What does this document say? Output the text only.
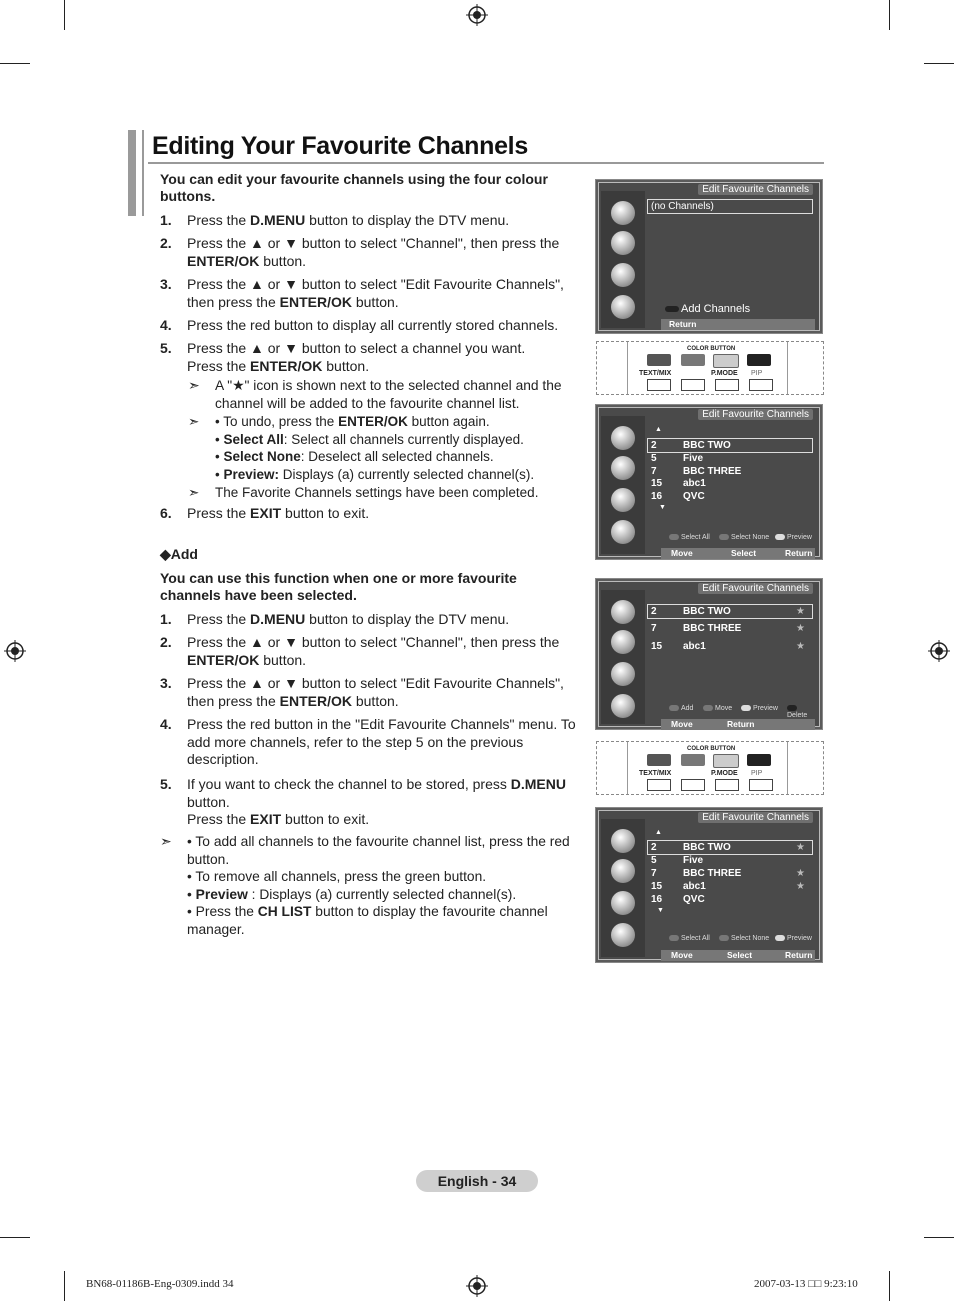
Editing Your Favourite Channels
You can edit your favourite channels using the four colour buttons.
1. Press the D.MENU button to display the DTV menu.
2. Press the ▲ or ▼ button to select "Channel", then press the ENTER/OK button.
3. Press the ▲ or ▼ button to select "Edit Favourite Channels", then press the ENTER/OK button.
4. Press the red button to display all currently stored channels.
5. Press the ▲ or ▼ button to select a channel you want.
Press the ENTER/OK button.
➣ A "★" icon is shown next to the selected channel and the channel will be added to the favourite channel list.
➣ • To undo, press the ENTER/OK button again.
• Select All: Select all channels currently displayed.
• Select None: Deselect all selected channels.
• Preview: Displays (a) currently selected channel(s).
➣ The Favorite Channels settings have been completed.
6. Press the EXIT button to exit.
◆Add
You can use this function when one or more favourite channels have been selected.
1. Press the D.MENU button to display the DTV menu.
2. Press the ▲ or ▼ button to select "Channel", then press the ENTER/OK button.
3. Press the ▲ or ▼ button to select "Edit Favourite Channels", then press the ENTER/OK button.
4. Press the red button in the "Edit Favourite Channels" menu. To add more channels, refer to the step 5 on the previous description.
5. If you want to check the channel to be stored, press D.MENU button.
Press the EXIT button to exit.
➣ • To add all channels to the favourite channel list, press the red button.
• To remove all channels, press the green button.
• Preview : Displays (a) currently selected channel(s).
• Press the CH LIST button to display the favourite channel manager.
Edit Favourite Channels
(no Channels)
Add Channels
Return
COLOR BUTTON
TEXT/MIX	P.MODE PIP
Edit Favourite Channels
▲
2	BBC TWO
5	Five
7	BBC THREE
15 abc1
16 QVC
▼
Select All	Select None	Preview
Move	Select	Return
Edit Favourite Channels
2	BBC TWO	★
7	BBC THREE	★
15 abc1	★
Add	Move	Preview
Delete
Move	Return
COLOR BUTTON
TEXT/MIX	P.MODE PIP
Edit Favourite Channels
▲
2	BBC TWO	★
5	Five
7	BBC THREE	★
15 abc1	★
16 QVC
▼
Select All	Select None	Preview
Move	Select	Return
English - 34
BN68-01186B-Eng-0309.indd 34	2007-03-13 □□ 9:23:10
